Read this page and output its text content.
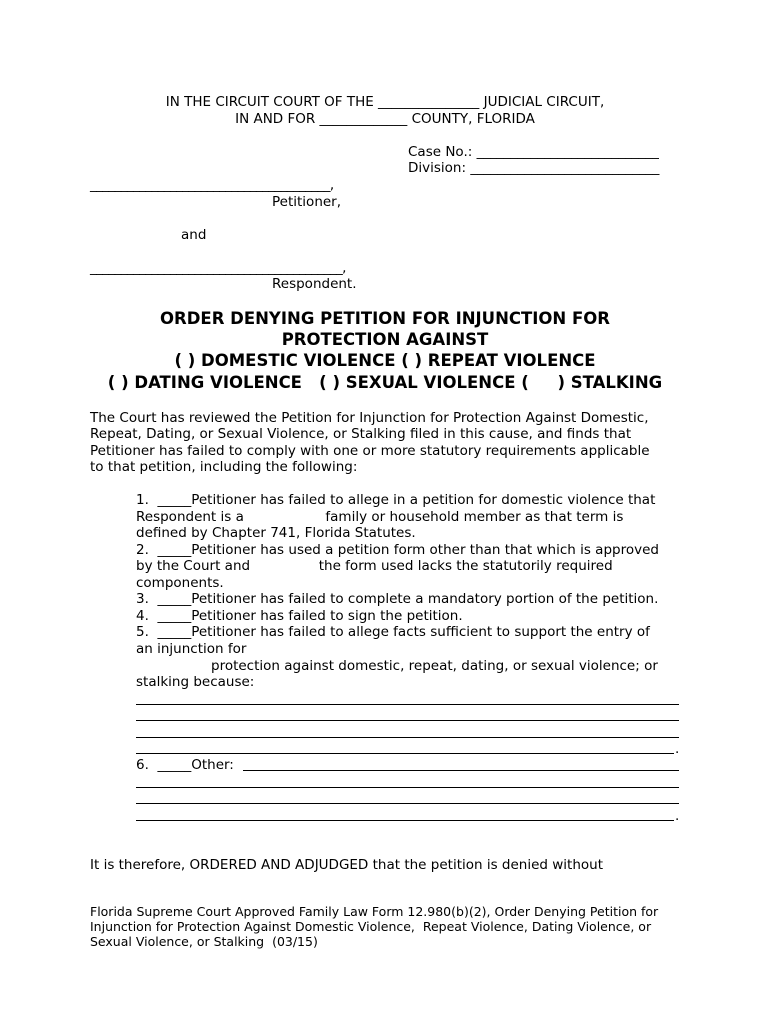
IN THE CIRCUIT COURT OF THE _______________ JUDICIAL CIRCUIT,
IN AND FOR _____________ COUNTY, FLORIDA
Case No.: ___________________________
Division: ____________________________
_______________________________________,
Petitioner,
and
_________________________________________,
Respondent.
ORDER DENYING PETITION FOR INJUNCTION FOR
PROTECTION AGAINST
( ) DOMESTIC VIOLENCE ( ) REPEAT VIOLENCE
( ) DATING VIOLENCE   ( ) SEXUAL VIOLENCE (     ) STALKING
The Court has reviewed the Petition for Injunction for Protection Against Domestic,
Repeat, Dating, or Sexual Violence, or Stalking filed in this cause, and finds that
Petitioner has failed to comply with one or more statutory requirements applicable
to that petition, including the following:
1.  _____Petitioner has failed to allege in a petition for domestic violence that
Respondent is a                   family or household member as that term is
defined by Chapter 741, Florida Statutes.
2.  _____Petitioner has used a petition form other than that which is approved
by the Court and                the form used lacks the statutorily required
components.
3.  _____Petitioner has failed to complete a mandatory portion of the petition.
4.  _____Petitioner has failed to sign the petition.
5.  _____Petitioner has failed to allege facts sufficient to support the entry of
an injunction for
protection against domestic, repeat, dating, or sexual violence; or
stalking because:
.
6.  _____Other:
.
It is therefore, ORDERED AND ADJUDGED that the petition is denied without
Florida Supreme Court Approved Family Law Form 12.980(b)(2), Order Denying Petition for
Injunction for Protection Against Domestic Violence,  Repeat Violence, Dating Violence, or
Sexual Violence, or Stalking  (03/15)
